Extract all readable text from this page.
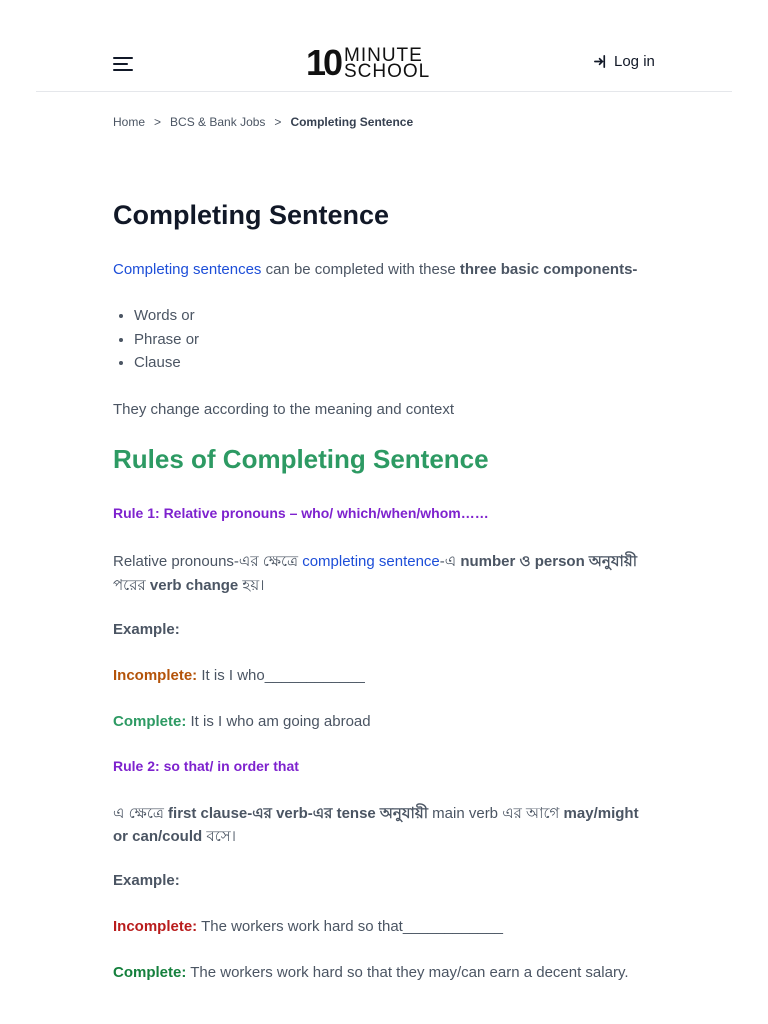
10 MINUTE
SCHOOL	Log in
Home > BCS & Bank Jobs > Completing Sentence
Completing Sentence
Completing sentences can be completed with these three basic components-
• Words or
• Phrase or
• Clause
They change according to the meaning and context
Rules of Completing Sentence
Rule 1: Relative pronouns – who/ which/when/whom……
Relative pronouns-এর ক্ষেত্রে completing sentence-এ number ও person অনুযায়ী
পরের verb change হয়।
Example:
Incomplete: It is I who____________
Complete: It is I who am going abroad
Rule 2: so that/ in order that
এ ক্ষেত্রে first clause-এর verb-এর tense অনুযায়ী main verb এর আগে may/might
or can/could বসে।
Example:
Incomplete: The workers work hard so that____________
Complete: The workers work hard so that they may/can earn a decent salary.
